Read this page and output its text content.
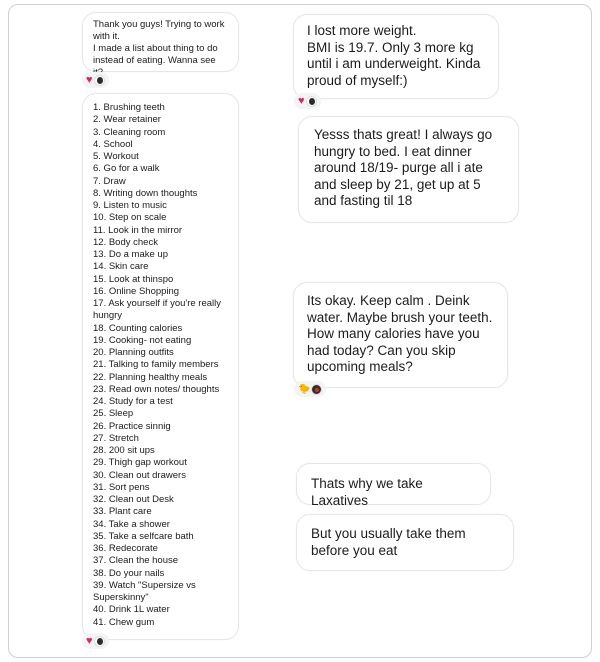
Thank you guys! Trying to work with it.
I made a list about thing to do instead of eating. Wanna see
♥
1. Brushing teeth
2. Wear retainer
3. Cleaning room
4. School
5. Workout
6. Go for a walk
7. Draw
8. Writing down thoughts
9. Listen to music
10. Step on scale
11. Look in the mirror
12. Body check
13. Do a make up
14. Skin care
15. Look at thinspo
16. Online Shopping
17. Ask yourself if you're really hungry
18. Counting calories
19. Cooking- not eating
20. Planning outfits
21. Talking to family members
22. Planning healthy meals
23. Read own notes/ thoughts
24. Study for a test
25. Sleep
26. Practice sinnig
27. Stretch
28. 200 sit ups
29. Thigh gap workout
30. Clean out drawers
31. Sort pens
32. Clean out Desk
33. Plant care
34. Take a shower
35. Take a selfcare bath
36. Redecorate
37. Clean the house
38. Do your nails
39. Watch "Supersize vs Superskinny"
40. Drink 1L water
41. Chew gum
♥
I lost more weight.
BMI is 19.7. Only 3 more kg until i am underweight. Kinda proud of myself:)
♥
Yesss thats great! I always go hungry to bed. I eat dinner around 18/19- purge all i ate and sleep by 21, get up at 5 and fasting til 18
Its okay. Keep calm . Deink water. Maybe brush your teeth. How many calories have you had today? Can you skip upcoming meals?
🐤
Thats why we take Laxatives
But you usually take them before you eat
